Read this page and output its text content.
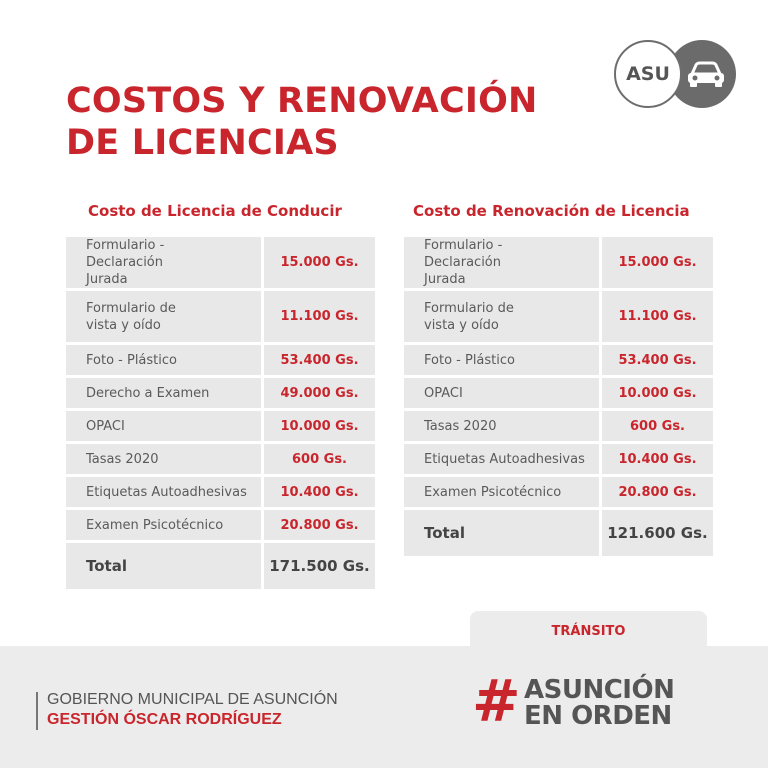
COSTOS Y RENOVACIÓN
DE LICENCIAS
ASU
Costo de Licencia de Conducir	Costo de Renovación de Licencia
Formulario - Declaración Jurada	15.000 Gs.

Formulario de vista y oído	11.100 Gs.
Foto - Plástico	53.400 Gs.
Derecho a Examen	49.000 Gs.
OPACI	10.000 Gs.
Tasas 2020	600 Gs.
Etiquetas Autoadhesivas	10.400 Gs.
Examen Psicotécnico	20.800 Gs.
Total	171.500 Gs.
Formulario - Declaración Jurada	15.000 Gs.

Formulario de vista y oído	11.100 Gs.
Foto - Plástico	53.400 Gs.
OPACI	10.000 Gs.
Tasas 2020	600 Gs.
Etiquetas Autoadhesivas	10.400 Gs.
Examen Psicotécnico	20.800 Gs.
Total	121.600 Gs.
TRÁNSITO
GOBIERNO MUNICIPAL DE ASUNCIÓN
GESTIÓN ÓSCAR RODRÍGUEZ	# ASUNCIÓN
EN ORDEN
